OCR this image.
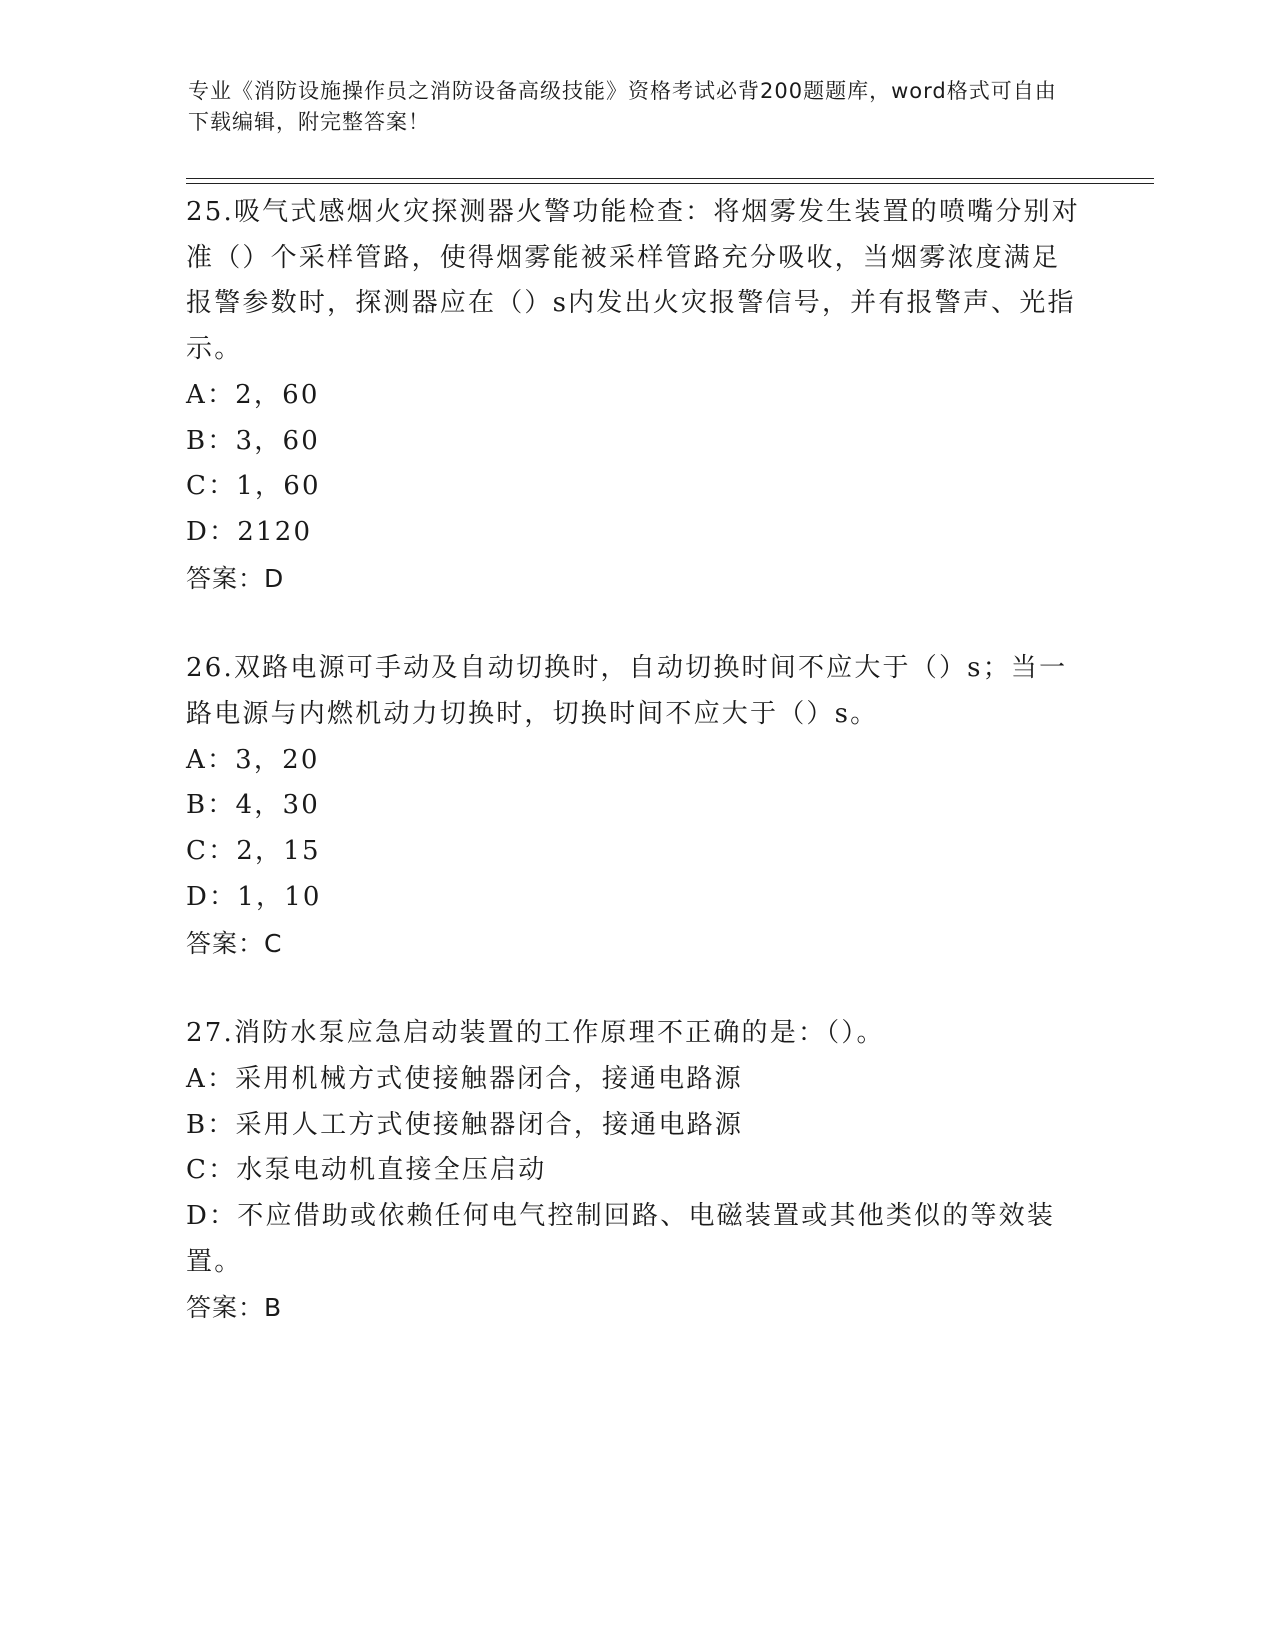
专业《消防设施操作员之消防设备高级技能》资格考试必背200题题库，word格式可自由下载编辑，附完整答案！
25.吸气式感烟火灾探测器火警功能检查：将烟雾发生装置的喷嘴分别对准（）个采样管路，使得烟雾能被采样管路充分吸收，当烟雾浓度满足报警参数时，探测器应在（）s内发出火灾报警信号，并有报警声、光指示。
A：2，60
B：3，60
C：1，60
D：2120
答案：D
26.双路电源可手动及自动切换时，自动切换时间不应大于（）s；当一路电源与内燃机动力切换时，切换时间不应大于（）s。
A：3，20
B：4，30
C：2，15
D：1，10
答案：C
27.消防水泵应急启动装置的工作原理不正确的是：（）。
A：采用机械方式使接触器闭合，接通电路源
B：采用人工方式使接触器闭合，接通电路源
C：水泵电动机直接全压启动
D：不应借助或依赖任何电气控制回路、电磁装置或其他类似的等效装置。
答案：B
